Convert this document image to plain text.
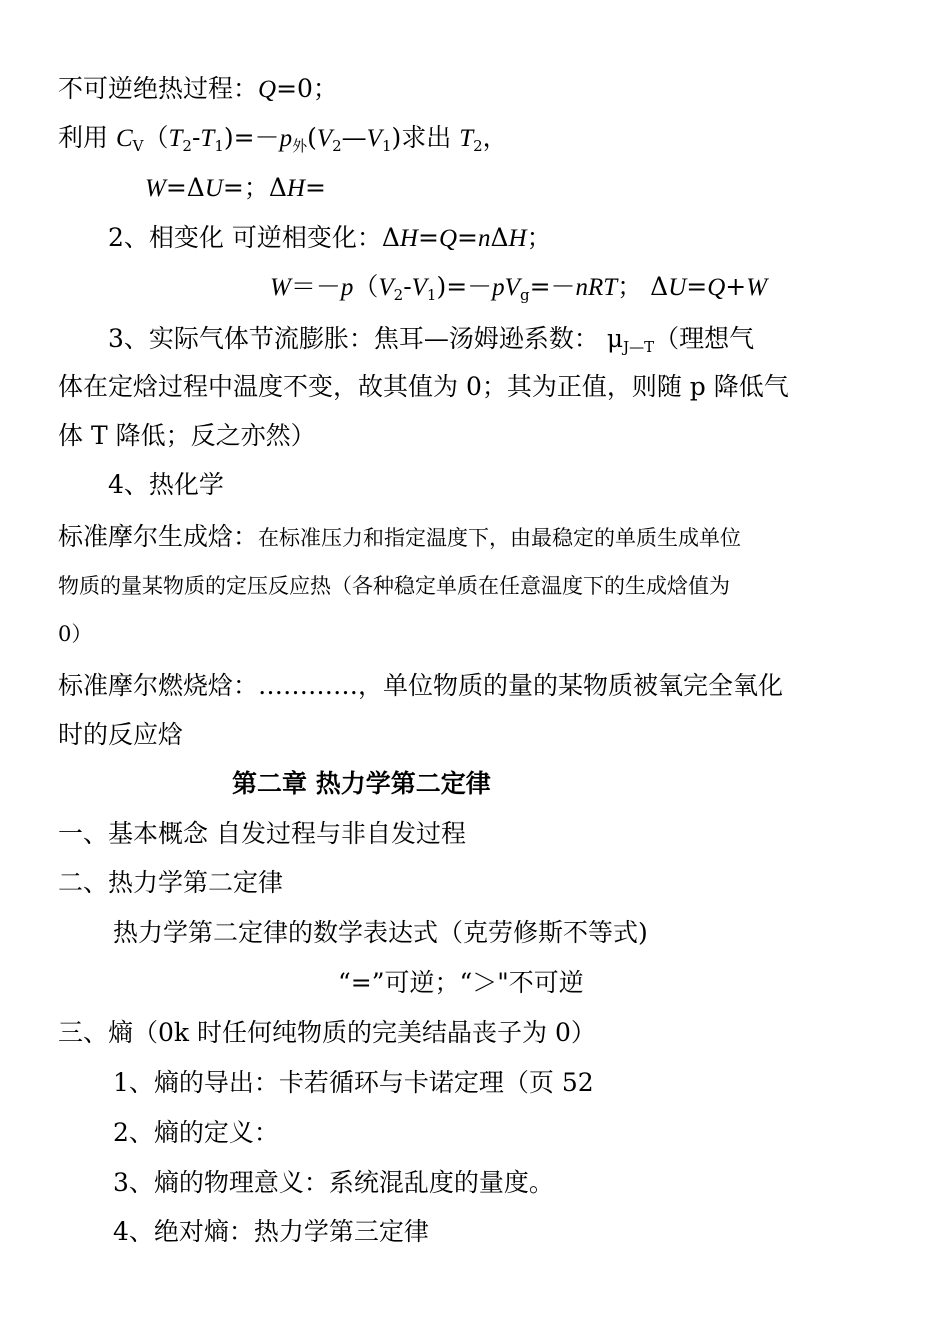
不可逆绝热过程：Q=0；
利用 $C_V(T_2-T_1)=-p_外(V_2—V_1)$求出 $T_2$，
W=ΔU=；ΔH=
2、相变化 可逆相变化：ΔH=Q=nΔH；
$W=-p(V_2-V_1)=-pV_g=-nRT$； ΔU=Q+W
3、实际气体节流膨胀：焦耳—汤姆逊系数： $\mu_{J—T}$（理想气
体在定焓过程中温度不变，故其值为 0；其为正值，则随 p 降低气
体 T 降低；反之亦然）
4、热化学
标准摩尔生成焓：在标准压力和指定温度下，由最稳定的单质生成单位
物质的量某物质的定压反应热（各种稳定单质在任意温度下的生成焓值为
0）
标准摩尔燃烧焓：…………，单位物质的量的某物质被氧完全氧化
时的反应焓
第二章 热力学第二定律
一、基本概念 自发过程与非自发过程
二、热力学第二定律
热力学第二定律的数学表达式（克劳修斯不等式)
“=”可逆；“＞"不可逆
三、熵（0k 时任何纯物质的完美结晶丧子为 0）
1、熵的导出：卡若循环与卡诺定理（页 52
2、熵的定义：
3、熵的物理意义：系统混乱度的量度。
4、绝对熵：热力学第三定律
